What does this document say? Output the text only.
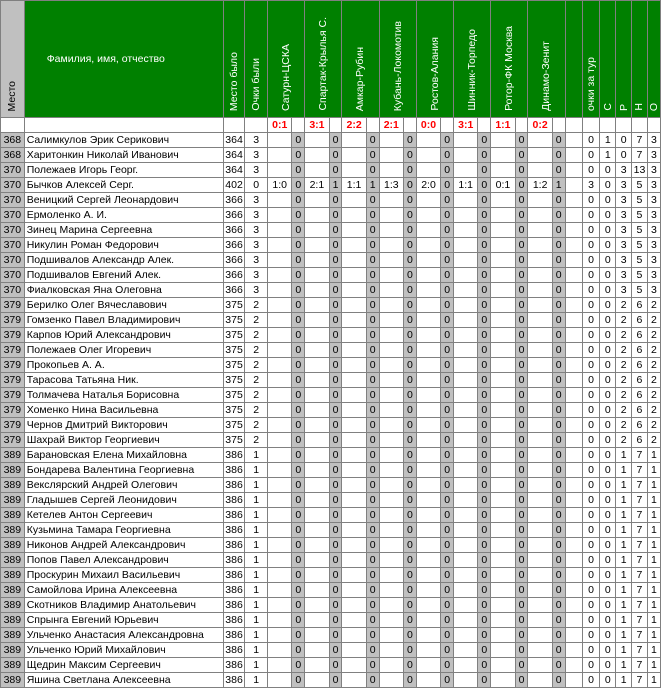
Место	Фамилия, имя, отчество	Место было	Очки были	Сатурн-ЦСКА		Спартак-Крылья С.		Амкар-Рубин		Кубань-Локомотив		Ростов-Алания		Шинник-Торпедо		Ротор-ФК Москва		Динамо-Зенит			очки за тур	С	Р	Н	О
				0:1		3:1		2:2		2:1		0:0		3:1		1:1		0:2							
368	Салимкулов Эрик Серикович	364	3		0		0		0		0		0		0		0		0		0	1	0	7	3
368	Харитонкин Николай Иванович	364	3		0		0		0		0		0		0		0		0		0	1	0	7	3
370	Полежаев Игорь Георг.	364	3		0		0		0		0		0		0		0		0		0	0	3	13	3
370	Бычков Алексей Серг.	402	0	1:0	0	2:1	1	1:1	1	1:3	0	2:0	0	1:1	0	0:1	0	1:2	1		3	0	3	5	3
370	Веницкий Сергей Леонардович	366	3		0		0		0		0		0		0		0		0		0	0	3	5	3
370	Ермоленко А. И.	366	3		0		0		0		0		0		0		0		0		0	0	3	5	3
370	Зинец Марина Сергеевна	366	3		0		0		0		0		0		0		0		0		0	0	3	5	3
370	Никулин Роман Федорович	366	3		0		0		0		0		0		0		0		0		0	0	3	5	3
370	Подшивалов Александр Алек.	366	3		0		0		0		0		0		0		0		0		0	0	3	5	3
370	Подшивалов Евгений Алек.	366	3		0		0		0		0		0		0		0		0		0	0	3	5	3
370	Фиалковская Яна Олеговна	366	3		0		0		0		0		0		0		0		0		0	0	3	5	3
379	Берилко Олег Вячеславович	375	2		0		0		0		0		0		0		0		0		0	0	2	6	2
379	Гомзенко Павел Владимирович	375	2		0		0		0		0		0		0		0		0		0	0	2	6	2
379	Карпов Юрий Александрович	375	2		0		0		0		0		0		0		0		0		0	0	2	6	2
379	Полежаев Олег Игоревич	375	2		0		0		0		0		0		0		0		0		0	0	2	6	2
379	Прокопьев А. А.	375	2		0		0		0		0		0		0		0		0		0	0	2	6	2
379	Тарасова Татьяна Ник.	375	2		0		0		0		0		0		0		0		0		0	0	2	6	2
379	Толмачева Наталья Борисовна	375	2		0		0		0		0		0		0		0		0		0	0	2	6	2
379	Хоменко Нина Васильевна	375	2		0		0		0		0		0		0		0		0		0	0	2	6	2
379	Чернов Дмитрий Викторович	375	2		0		0		0		0		0		0		0		0		0	0	2	6	2
379	Шахрай Виктор Георгиевич	375	2		0		0		0		0		0		0		0		0		0	0	2	6	2
389	Барановская Елена Михайловна	386	1		0		0		0		0		0		0		0		0		0	0	1	7	1
389	Бондарева Валентина Георгиевна	386	1		0		0		0		0		0		0		0		0		0	0	1	7	1
389	Векслярский Андрей Олегович	386	1		0		0		0		0		0		0		0		0		0	0	1	7	1
389	Гладышев Сергей Леонидович	386	1		0		0		0		0		0		0		0		0		0	0	1	7	1
389	Кетелев Антон Сергеевич	386	1		0		0		0		0		0		0		0		0		0	0	1	7	1
389	Кузьмина Тамара Георгиевна	386	1		0		0		0		0		0		0		0		0		0	0	1	7	1
389	Никонов Андрей Александрович	386	1		0		0		0		0		0		0		0		0		0	0	1	7	1
389	Попов Павел Александрович	386	1		0		0		0		0		0		0		0		0		0	0	1	7	1
389	Проскурин Михаил Васильевич	386	1		0		0		0		0		0		0		0		0		0	0	1	7	1
389	Самойлова Ирина Алексеевна	386	1		0		0		0		0		0		0		0		0		0	0	1	7	1
389	Скотников Владимир Анатольевич	386	1		0		0		0		0		0		0		0		0		0	0	1	7	1
389	Спрынга Евгений Юрьевич	386	1		0		0		0		0		0		0		0		0		0	0	1	7	1
389	Ульченко Анастасия Александровна	386	1		0		0		0		0		0		0		0		0		0	0	1	7	1
389	Ульченко Юрий Михайлович	386	1		0		0		0		0		0		0		0		0		0	0	1	7	1
389	Щедрин Максим Сергеевич	386	1		0		0		0		0		0		0		0		0		0	0	1	7	1
389	Яшина Светлана Алексеевна	386	1		0		0		0		0		0		0		0		0		0	0	1	7	1
